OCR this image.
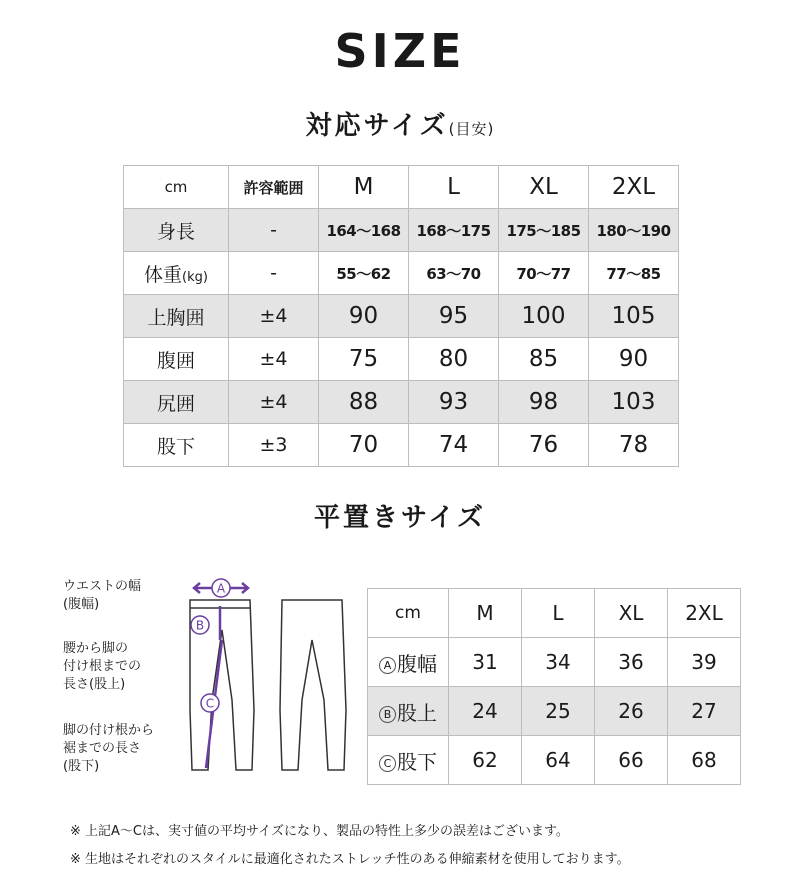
SIZE
対応サイズ(目安)
cm	許容範囲	M	L	XL	2XL
身長	-	164～168	168～175	175～185	180～190
体重(kg)	-	55～62	63～70	70～77	77～85
上胸囲	±4	90	95	100	105
腹囲	±4	75	80	85	90
尻囲	±4	88	93	98	103
股下	±3	70	74	76	78
平置きサイズ
ウエストの幅
(腹幅)
腰から脚の
付け根までの
長さ(股上)
脚の付け根から
裾までの長さ
(股下)
A
B
C
cm	M	L	XL	2XL
A 腹幅	31	34	36	39
B 股上	24	25	26	27
C 股下	62	64	66	68
※ 上記A～Cは、実寸値の平均サイズになり、製品の特性上多少の誤差はございます。
※ 生地はそれぞれのスタイルに最適化されたストレッチ性のある伸縮素材を使用しております。
